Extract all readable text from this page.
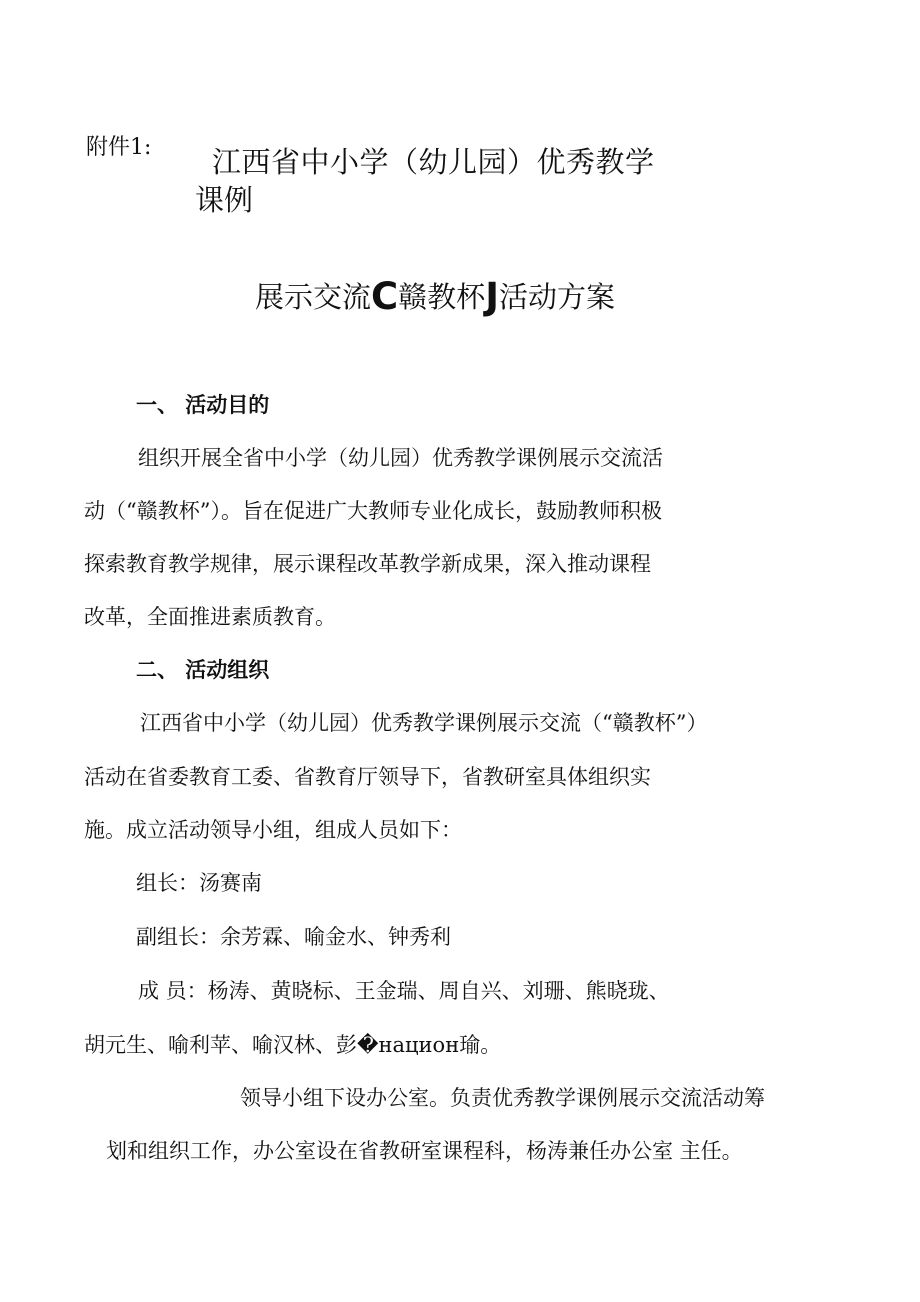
附件1: 江西省中小学（幼儿园）优秀教学
课例
展示交流C赣教杯J活动方案
一、 活动目的
组织开展全省中小学（幼儿园）优秀教学课例展示交流活
动（“赣教杯”）。旨在促进广大教师专业化成长，鼓励教师积极
探索教育教学规律，展示课程改革教学新成果，深入推动课程
改革，全面推进素质教育。
二、 活动组织
江西省中小学（幼儿园）优秀教学课例展示交流（“赣教杯”）
活动在省委教育工委、省教育厅领导下，省教研室具体组织实
施。成立活动领导小组，组成人员如下：
组长：汤赛南
副组长：余芳霖、喻金水、钟秀利
成 员：杨涛、黄晓标、王金瑞、周自兴、刘珊、熊晓珑、
胡元生、喻利苹、喻汉林、彭�национ瑜。
领导小组下设办公室。负责优秀教学课例展示交流活动筹
划和组织工作，办公室设在省教研室课程科，杨涛兼任办公室 主任。
